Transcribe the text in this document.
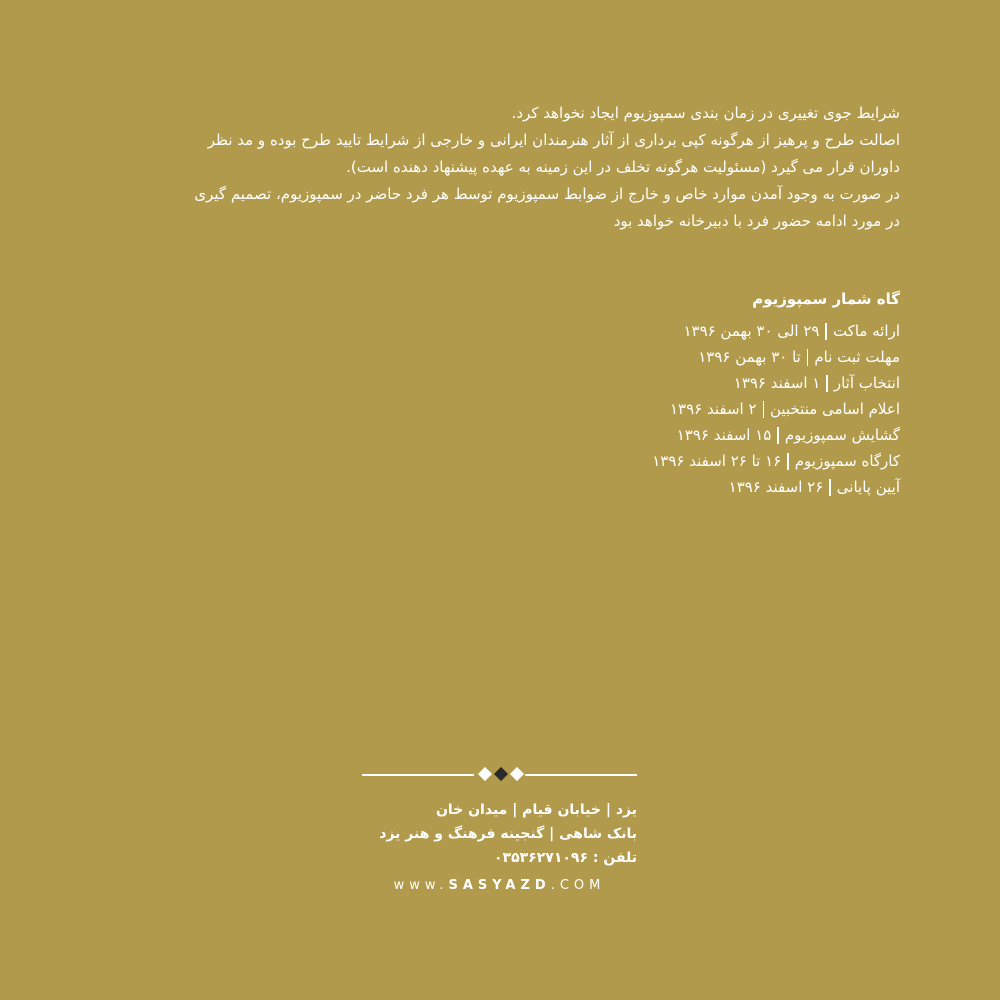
شرایط جوی تغییری در زمان بندی سمپوزیوم ایجاد نخواهد کرد.

اصالت طرح و پرهیز از هرگونه کپی برداری از آثار هنرمندان ایرانی و خارجی از شرایط تایید طرح بوده و مد نظر

داوران قرار می گیرد (مسئولیت هرگونه تخلف در این زمینه به عهده پیشنهاد دهنده است).

در صورت به وجود آمدن موارد خاص و خارج از ضوابط سمپوزیوم توسط هر فرد حاضر در سمپوزیوم، تصمیم گیری

در مورد ادامه حضور فرد با دبیرخانه خواهد بود

گاه شمار سمپوزیوم
ارائه ماکت۲۹ الی ۳۰ بهمن ۱۳۹۶
مهلت ثبت نامتا ۳۰ بهمن ۱۳۹۶
انتخاب آثار۱ اسفند ۱۳۹۶
اعلام اسامی منتخبین۲ اسفند ۱۳۹۶
گشایش سمپوزیوم۱۵ اسفند ۱۳۹۶
کارگاه سمپوزیوم۱۶ تا ۲۶ اسفند ۱۳۹۶
آیین پایانی۲۶ اسفند ۱۳۹۶
یزد | خیابان قیام | میدان خان
بانک شاهی | گنجینه فرهنگ و هنر یزد
تلفن : ۰۳۵۳۶۲۷۱۰۹۶
www.SASYAZD.COM
